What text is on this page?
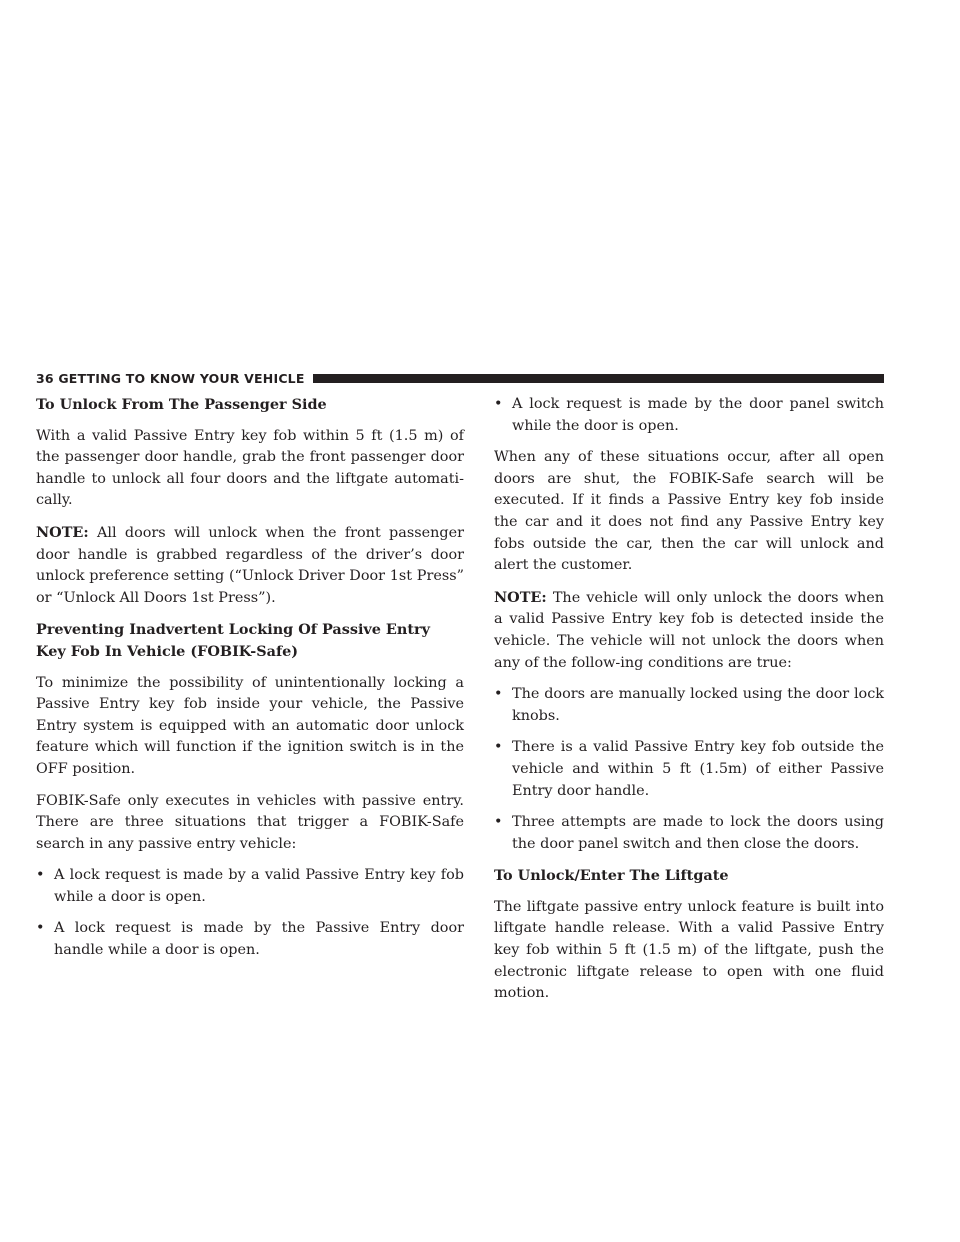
36 GETTING TO KNOW YOUR VEHICLE
To Unlock From The Passenger Side

With a valid Passive Entry key fob within 5 ft (1.5 m) of the passenger door handle, grab the front passenger door handle to unlock all four doors and the liftgate automati-cally.

NOTE: All doors will unlock when the front passenger door handle is grabbed regardless of the driver’s door unlock preference setting (“Unlock Driver Door 1st Press” or “Unlock All Doors 1st Press”).

Preventing Inadvertent Locking Of Passive Entry Key Fob In Vehicle (FOBIK-Safe)

To minimize the possibility of unintentionally locking a Passive Entry key fob inside your vehicle, the Passive Entry system is equipped with an automatic door unlock feature which will function if the ignition switch is in the OFF position.

FOBIK-Safe only executes in vehicles with passive entry. There are three situations that trigger a FOBIK-Safe search in any passive entry vehicle:

• A lock request is made by a valid Passive Entry key fob while a door is open.
• A lock request is made by the Passive Entry door handle while a door is open.
• A lock request is made by the door panel switch while the door is open.

When any of these situations occur, after all open doors are shut, the FOBIK-Safe search will be executed. If it finds a Passive Entry key fob inside the car and it does not find any Passive Entry key fobs outside the car, then the car will unlock and alert the customer.

NOTE: The vehicle will only unlock the doors when a valid Passive Entry key fob is detected inside the vehicle. The vehicle will not unlock the doors when any of the follow-ing conditions are true:

• The doors are manually locked using the door lock knobs.
• There is a valid Passive Entry key fob outside the vehicle and within 5 ft (1.5m) of either Passive Entry door handle.
• Three attempts are made to lock the doors using the door panel switch and then close the doors.
To Unlock/Enter The Liftgate

The liftgate passive entry unlock feature is built into liftgate handle release. With a valid Passive Entry key fob within 5 ft (1.5 m) of the liftgate, push the electronic liftgate release to open with one fluid motion.
